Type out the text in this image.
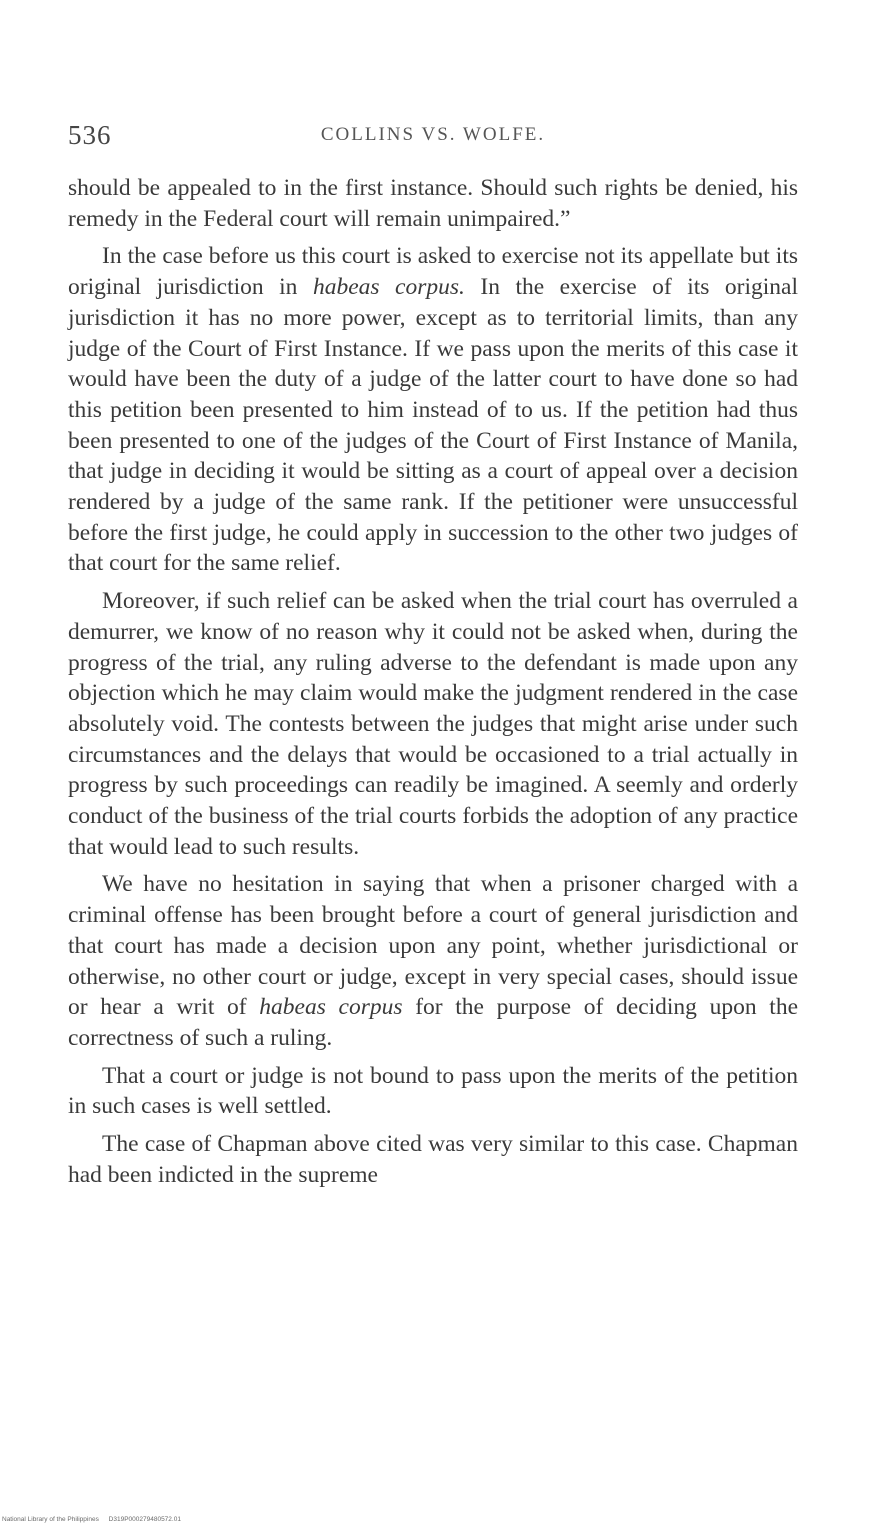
536	COLLINS VS. WOLFE.

should be appealed to in the first instance. Should such rights be denied, his remedy in the Federal court will remain unimpaired.”

In the case before us this court is asked to exercise not its appellate but its original jurisdiction in habeas corpus. In the exercise of its original jurisdiction it has no more power, except as to territorial limits, than any judge of the Court of First Instance. If we pass upon the merits of this case it would have been the duty of a judge of the latter court to have done so had this petition been presented to him instead of to us. If the petition had thus been presented to one of the judges of the Court of First Instance of Manila, that judge in deciding it would be sitting as a court of appeal over a decision rendered by a judge of the same rank. If the petitioner were unsuccessful before the first judge, he could apply in succession to the other two judges of that court for the same relief.

Moreover, if such relief can be asked when the trial court has overruled a demurrer, we know of no reason why it could not be asked when, during the progress of the trial, any ruling adverse to the defendant is made upon any objection which he may claim would make the judgment rendered in the case absolutely void. The contests between the judges that might arise under such circumstances and the delays that would be occasioned to a trial actually in progress by such proceedings can readily be imagined. A seemly and orderly conduct of the business of the trial courts forbids the adoption of any practice that would lead to such results.

We have no hesitation in saying that when a prisoner charged with a criminal offense has been brought before a court of general jurisdiction and that court has made a decision upon any point, whether jurisdictional or otherwise, no other court or judge, except in very special cases, should issue or hear a writ of habeas corpus for the purpose of deciding upon the correctness of such a ruling.

That a court or judge is not bound to pass upon the merits of the petition in such cases is well settled.

The case of Chapman above cited was very similar to this case. Chapman had been indicted in the supreme

National Library of the Philippines D319P000279480572.01
